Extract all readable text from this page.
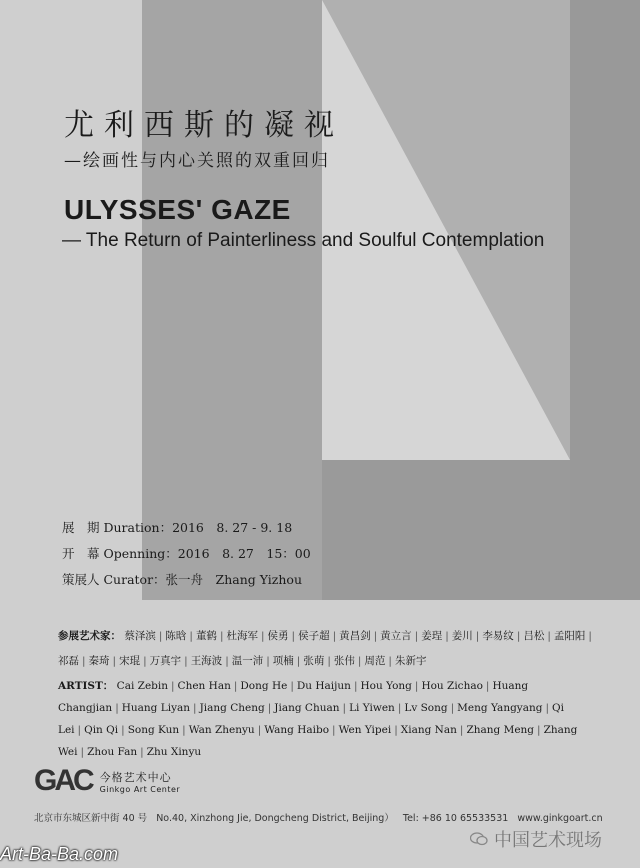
尤利西斯的凝视
—绘画性与内心关照的双重回归
ULYSSES' GAZE
— The Return of Painterliness and Soulful Contemplation
展　期 Duration：2016　8. 27 - 9. 18
开　幕 Openning：2016　8. 27　15：00
策展人 Curator：张一舟　Zhang Yizhou
参展艺术家： 蔡泽滨 | 陈晗 | 董鹤 | 杜海军 | 侯勇 | 侯子超 | 黄昌剑 | 黄立言 | 姜珵 | 姜川 | 李易纹 | 吕松 | 孟阳阳 |祁磊 | 秦琦 | 宋琨 | 万真宇 | 王海波 | 温一沛 | 项楠 | 张萌 | 张伟 | 周范 | 朱新宇
ARTIST： Cai Zebin | Chen Han | Dong He | Du Haijun | Hou Yong | Hou Zichao | Huang Changjian | Huang Liyan | Jiang Cheng | Jiang Chuan | Li Yiwen | Lv Song | Meng Yangyang | Qi Lei | Qin Qi | Song Kun | Wan Zhenyu | Wang Haibo | Wen Yipei | Xiang Nan | Zhang Meng | Zhang Wei | Zhou Fan | Zhu Xinyu
GAC 今格艺术中心
Ginkgo Art Center
北京市东城区新中街 40 号 No.40, Xinzhong Jie, Dongcheng District, Beijing） Tel: +86 10 65533531 www.ginkgoart.cn
中国艺术现场
Art-Ba-Ba.com
